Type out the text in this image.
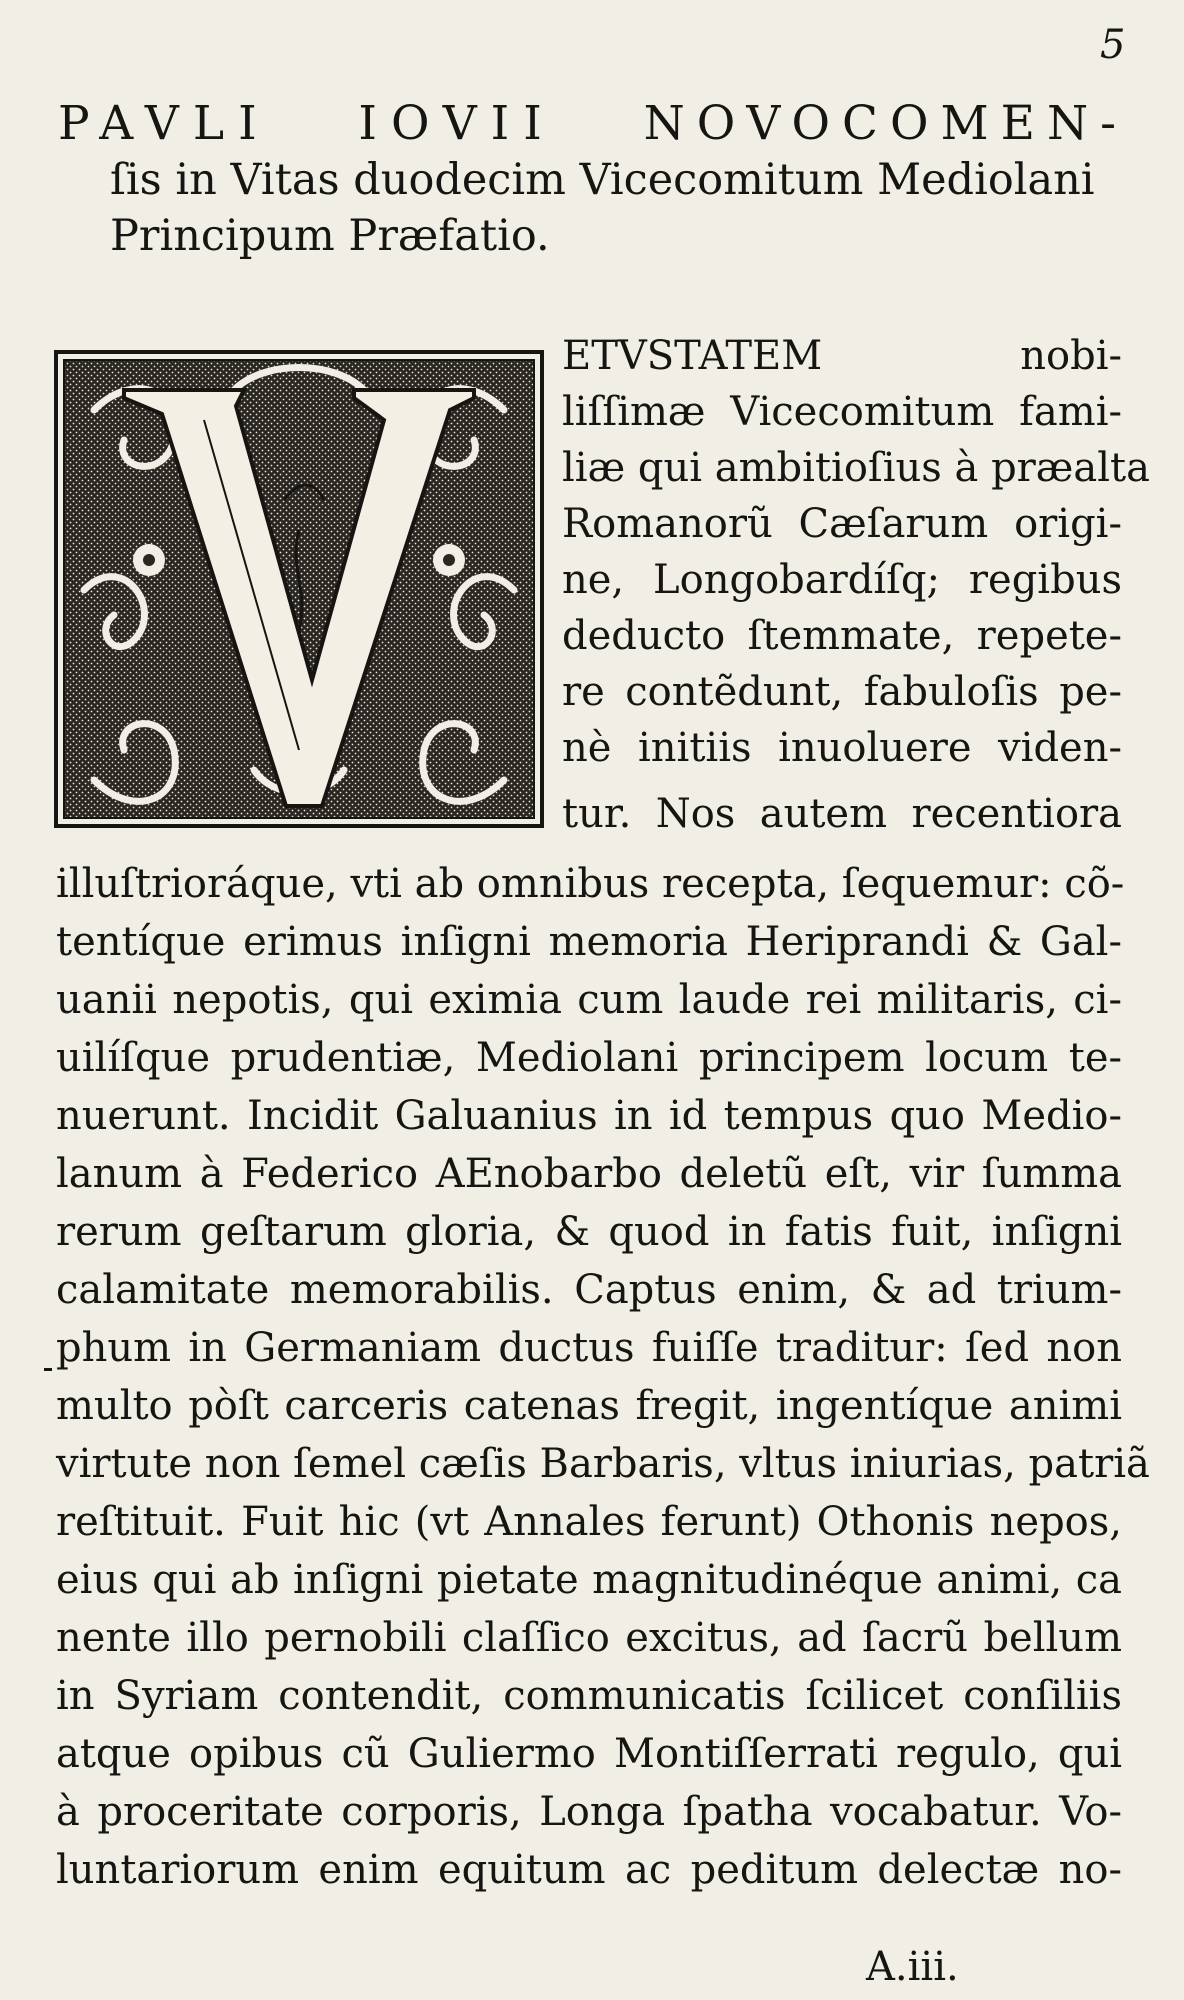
5
PAVLI IOVII NOVOCOMEN-
ſis in Vitas duodecim Vicecomitum Mediolani
Principum Præfatio.
V	ETVSTATEM nobi-
liſſimæ Vicecomitum fami-
liæ qui ambitioſius à præalta
Romanorũ Cæſarum origi-
ne, Longobardíſq; regibus
deducto ſtemmate, repete-
re contẽdunt, fabuloſis pe-
nè initiis inuoluere viden-
tur. Nos autem recentiora
illuſtrioráque, vti ab omnibus recepta, ſequemur: cõ-
tentíque erimus inſigni memoria Heriprandi & Gal-
uanii nepotis, qui eximia cum laude rei militaris, ci-
uilíſque prudentiæ, Mediolani principem locum te-
nuerunt. Incidit Galuanius in id tempus quo Medio-
lanum à Federico AEnobarbo deletũ eſt, vir ſumma
rerum geſtarum gloria, & quod in fatis fuit, inſigni
calamitate memorabilis. Captus enim, & ad trium-
phum in Germaniam ductus fuiſſe traditur: ſed non
multo pòſt carceris catenas fregit, ingentíque animi
virtute non ſemel cæſis Barbaris, vltus iniurias, patriã
reſtituit. Fuit hic (vt Annales ferunt) Othonis nepos,
eius qui ab inſigni pietate magnitudinéque animi, ca
nente illo pernobili claſſico excitus, ad ſacrũ bellum
in Syriam contendit, communicatis ſcilicet conſiliis
atque opibus cũ Guliermo Montiſſerrati regulo, qui
à proceritate corporis, Longa ſpatha vocabatur. Vo-
luntariorum enim equitum ac peditum delectæ no-
A.iii.
